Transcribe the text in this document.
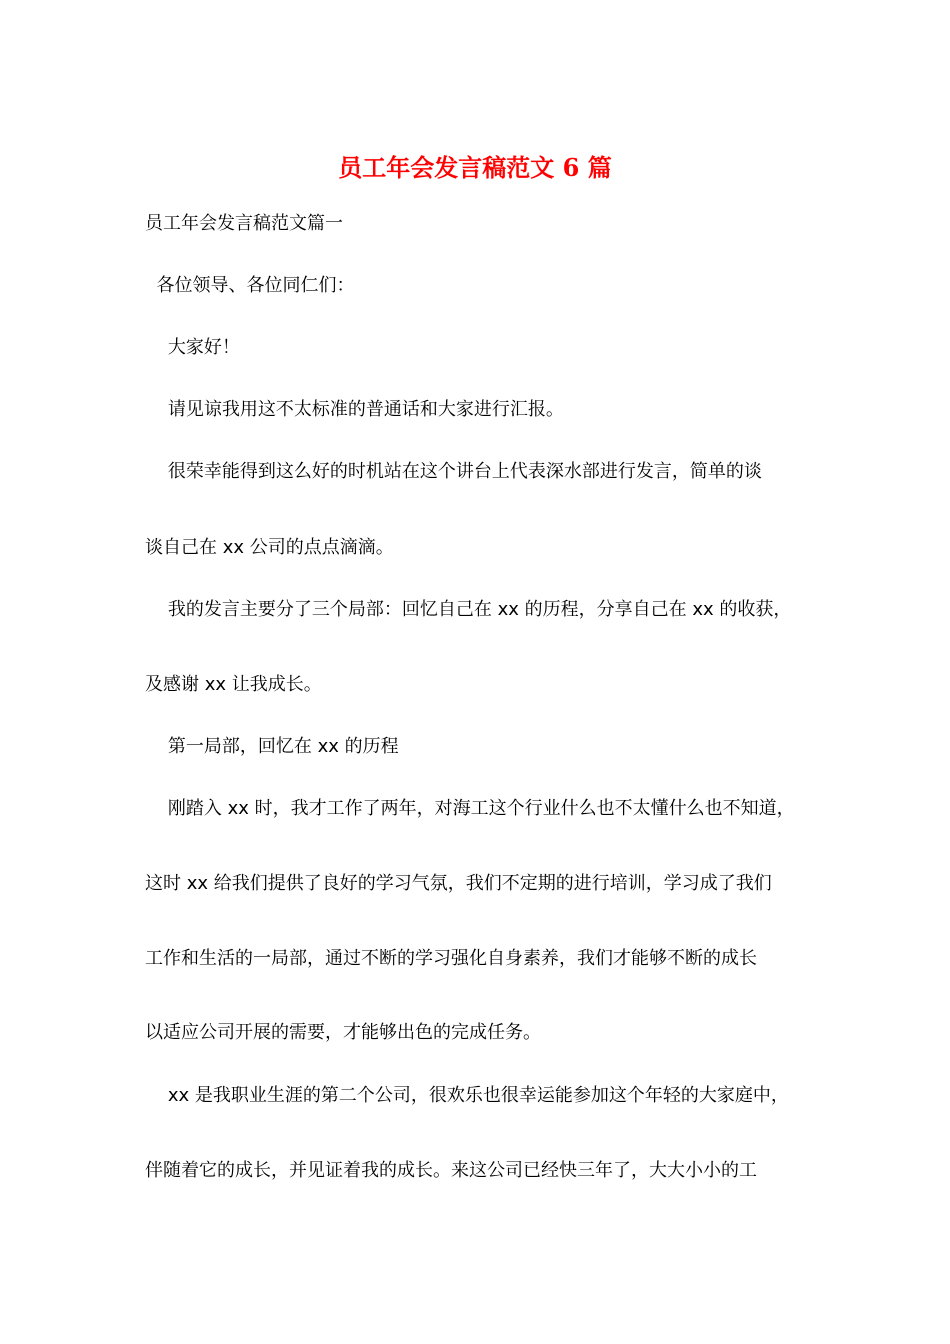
员工年会发言稿范文 6 篇

员工年会发言稿范文篇一

各位领导、各位同仁们：

大家好！

请见谅我用这不太标准的普通话和大家进行汇报。

很荣幸能得到这么好的时机站在这个讲台上代表深水部进行发言，简单的谈

谈自己在 xx 公司的点点滴滴。

我的发言主要分了三个局部：回忆自己在 xx 的历程，分享自己在 xx 的收获，

及感谢 xx 让我成长。

第一局部，回忆在 xx 的历程

刚踏入 xx 时，我才工作了两年，对海工这个行业什么也不太懂什么也不知道，

这时 xx 给我们提供了良好的学习气氛，我们不定期的进行培训，学习成了我们

工作和生活的一局部，通过不断的学习强化自身素养，我们才能够不断的成长

以适应公司开展的需要，才能够出色的完成任务。

xx 是我职业生涯的第二个公司，很欢乐也很幸运能参加这个年轻的大家庭中，

伴随着它的成长，并见证着我的成长。来这公司已经快三年了，大大小小的工
